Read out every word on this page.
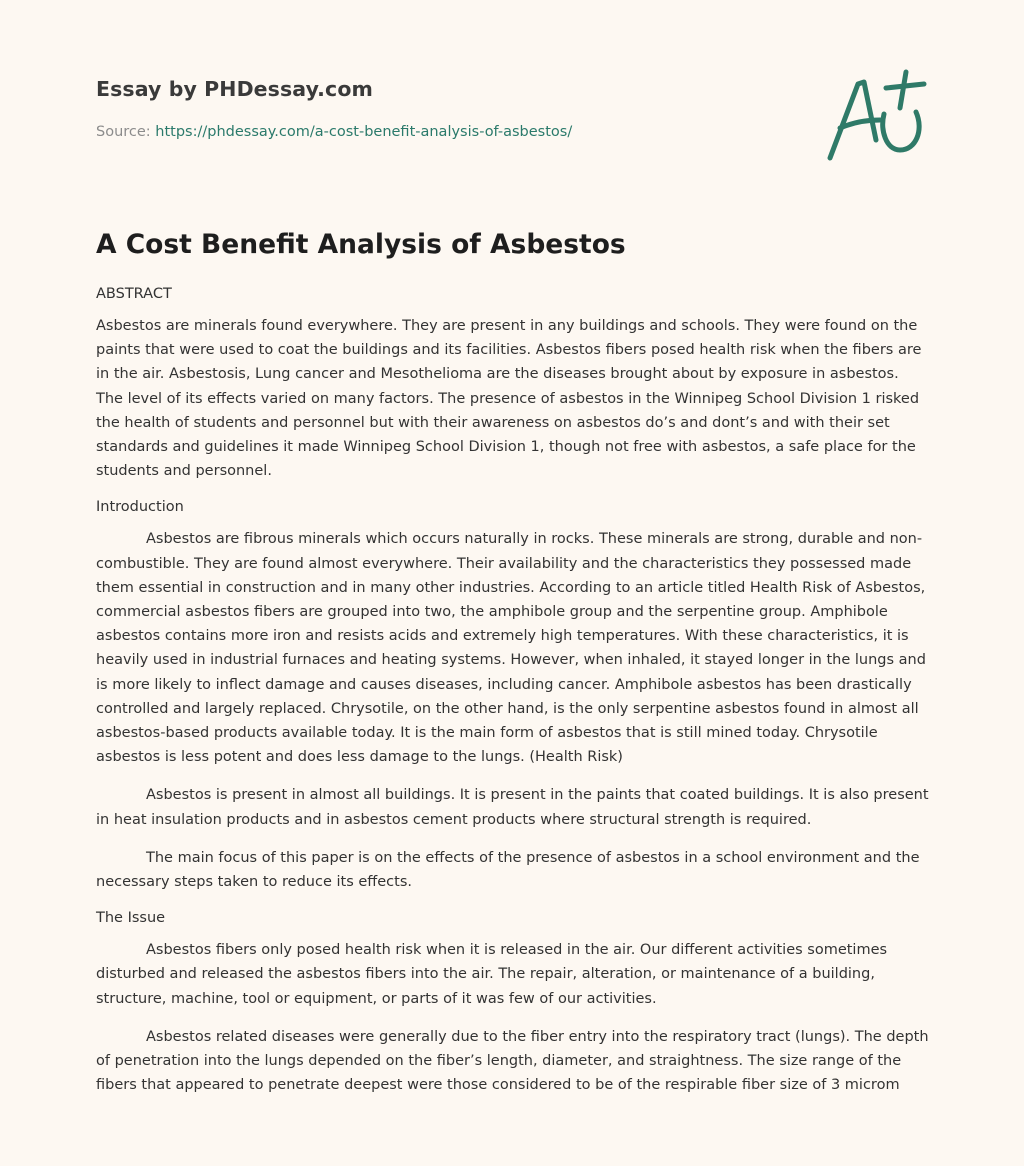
Essay by PHDessay.com
Source: https://phdessay.com/a-cost-benefit-analysis-of-asbestos/
A Cost Benefit Analysis of Asbestos
ABSTRACT

Asbestos are minerals found everywhere. They are present in any buildings and schools. They were found on the paints that were used to coat the buildings and its facilities. Asbestos fibers posed health risk when the fibers are in the air. Asbestosis, Lung cancer and Mesothelioma are the diseases brought about by exposure in asbestos. The level of its effects varied on many factors. The presence of asbestos in the Winnipeg School Division 1 risked the health of students and personnel but with their awareness on asbestos do’s and dont’s and with their set standards and guidelines it made Winnipeg School Division 1, though not free with asbestos, a safe place for the students and personnel.

Introduction

Asbestos are fibrous minerals which occurs naturally in rocks. These minerals are strong, durable and non-combustible. They are found almost everywhere. Their availability and the characteristics they possessed made them essential in construction and in many other industries. According to an article titled Health Risk of Asbestos, commercial asbestos fibers are grouped into two, the amphibole group and the serpentine group. Amphibole asbestos contains more iron and resists acids and extremely high temperatures. With these characteristics, it is heavily used in industrial furnaces and heating systems. However, when inhaled, it stayed longer in the lungs and is more likely to inflect damage and causes diseases, including cancer. Amphibole asbestos has been drastically controlled and largely replaced. Chrysotile, on the other hand, is the only serpentine asbestos found in almost all asbestos-based products available today. It is the main form of asbestos that is still mined today. Chrysotile asbestos is less potent and does less damage to the lungs. (Health Risk)

Asbestos is present in almost all buildings. It is present in the paints that coated buildings. It is also present in heat insulation products and in asbestos cement products where structural strength is required.

The main focus of this paper is on the effects of the presence of asbestos in a school environment and the necessary steps taken to reduce its effects.

The Issue

Asbestos fibers only posed health risk when it is released in the air. Our different activities sometimes disturbed and released the asbestos fibers into the air. The repair, alteration, or maintenance of a building, structure, machine, tool or equipment, or parts of it was few of our activities.

Asbestos related diseases were generally due to the fiber entry into the respiratory tract (lungs). The depth of penetration into the lungs depended on the fiber’s length, diameter, and straightness. The size range of the fibers that appeared to penetrate deepest were those considered to be of the respirable fiber size of 3 microm
